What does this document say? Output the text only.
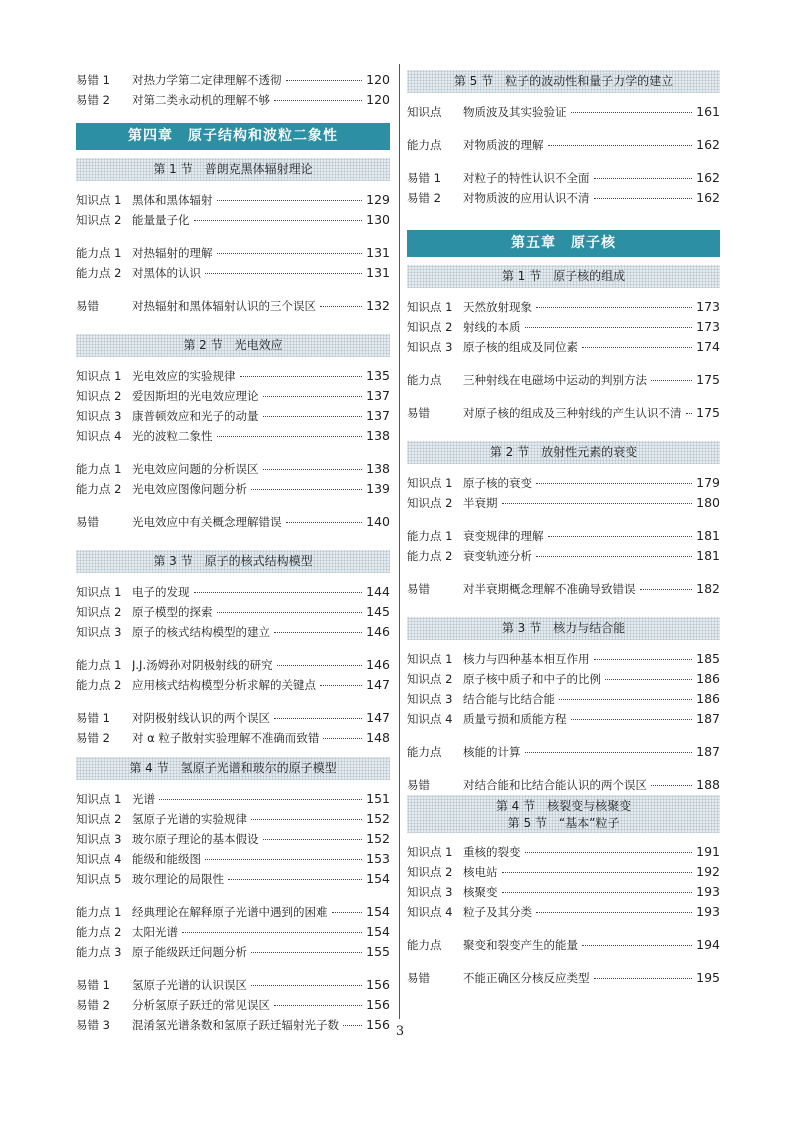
易错 1	对热力学第二定律理解不透彻	120
易错 2	对第二类永动机的理解不够	120
第四章　原子结构和波粒二象性
第 1 节　普朗克黑体辐射理论
知识点 1 黑体和黑体辐射	129
知识点 2 能量量子化	130
能力点 1 对热辐射的理解	131
能力点 2 对黑体的认识	131
易错	对热辐射和黑体辐射认识的三个误区	132
第 2 节　光电效应
知识点 1 光电效应的实验规律	135
知识点 2 爱因斯坦的光电效应理论	137
知识点 3 康普顿效应和光子的动量	137
知识点 4 光的波粒二象性	138
能力点 1 光电效应问题的分析误区	138
能力点 2 光电效应图像问题分析	139
易错	光电效应中有关概念理解错误	140
第 3 节　原子的核式结构模型
知识点 1 电子的发现	144
知识点 2 原子模型的探索	145
知识点 3 原子的核式结构模型的建立	146
能力点 1 J.J.汤姆孙对阴极射线的研究	146
能力点 2 应用核式结构模型分析求解的关键点	147
易错 1	对阴极射线认识的两个误区	147
易错 2	对 α 粒子散射实验理解不准确而致错	148
第 4 节　氢原子光谱和玻尔的原子模型
知识点 1 光谱	151
知识点 2 氢原子光谱的实验规律	152
知识点 3 玻尔原子理论的基本假设	152
知识点 4 能级和能级图	153
知识点 5 玻尔理论的局限性	154
能力点 1 经典理论在解释原子光谱中遇到的困难	154
能力点 2 太阳光谱	154
能力点 3 原子能级跃迁问题分析	155
易错 1	氢原子光谱的认识误区	156
易错 2	分析氢原子跃迁的常见误区	156
易错 3	混淆氢光谱条数和氢原子跃迁辐射光子数 156
第 5 节　粒子的波动性和量子力学的建立
知识点	物质波及其实验验证	161
能力点	对物质波的理解	162
易错 1	对粒子的特性认识不全面	162
易错 2	对物质波的应用认识不清	162
第五章　原子核
第 1 节　原子核的组成
知识点 1 天然放射现象	173
知识点 2 射线的本质	173
知识点 3 原子核的组成及同位素	174
能力点	三种射线在电磁场中运动的判别方法	175
易错	对原子核的组成及三种射线的产生认识不清 175
第 2 节　放射性元素的衰变
知识点 1 原子核的衰变	179
知识点 2 半衰期	180
能力点 1 衰变规律的理解	181
能力点 2 衰变轨迹分析	181
易错	对半衰期概念理解不准确导致错误	182
第 3 节　核力与结合能
知识点 1 核力与四种基本相互作用	185
知识点 2 原子核中质子和中子的比例	186
知识点 3 结合能与比结合能	186
知识点 4 质量亏损和质能方程	187
能力点	核能的计算	187
易错	对结合能和比结合能认识的两个误区	188
第 4 节　核裂变与核聚变
第 5 节　“基本”粒子
知识点 1 重核的裂变	191
知识点 2 核电站	192
知识点 3 核聚变	193
知识点 4 粒子及其分类	193
能力点	聚变和裂变产生的能量	194
易错	不能正确区分核反应类型	195
3
